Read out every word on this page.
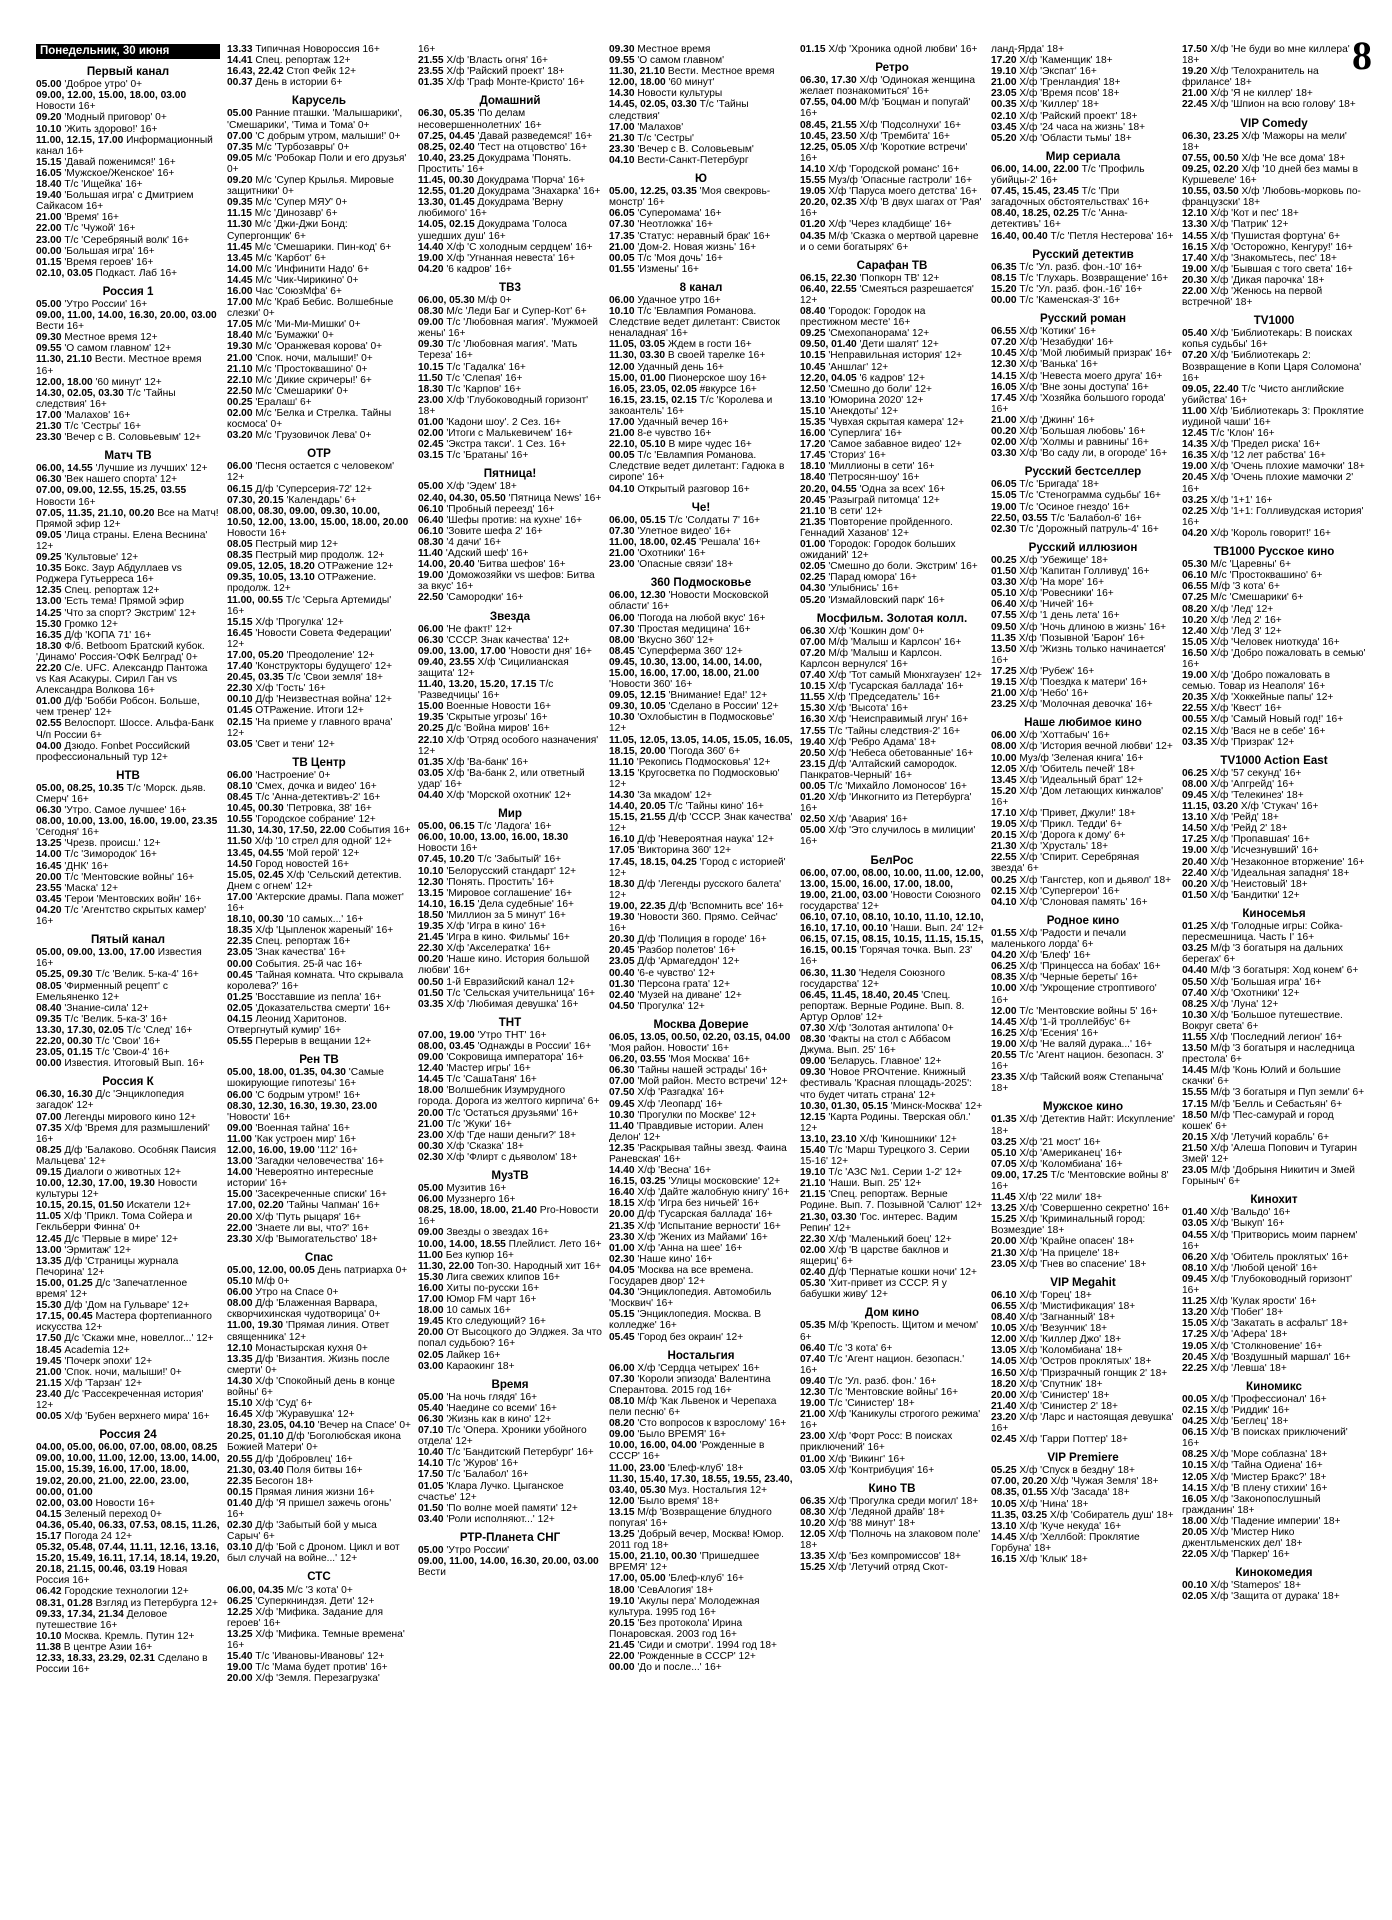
Понедельник, 30 июня
Первый канал
05.00 'Доброе утро' 0+
09.00, 12.00, 15.00, 18.00, 03.00 Новости 16+
09.20 'Модный приговор' 0+
10.10 'Жить здорово!' 16+
11.00, 12.15, 17.00 Информационный канал 16+
15.15 'Давай поженимся!' 16+
16.05 'Мужское/Женское' 16+
18.40 Т/с 'Ищейка' 16+
19.40 'Большая игра' с Дмитрием Сайкасом 16+
21.00 'Время' 16+
22.00 Т/с 'Чужой' 16+
23.00 Т/с 'Серебряный волк' 16+
00.00 'Большая игра' 16+
01.15 'Время героев' 16+
02.10, 03.05 Подкаст. Лаб 16+
Россия 1
05.00 'Утро России' 16+
09.00, 11.00, 14.00, 16.30, 20.00, 03.00 Вести 16+
09.30 Местное время 12+
09.55 'О самом главном' 12+
11.30, 21.10 Вести. Местное время 16+
12.00, 18.00 '60 минут' 12+
14.30, 02.05, 03.30 Т/с 'Тайны следствия' 16+
17.00 'Малахов' 16+
21.30 Т/с 'Сестры' 16+
23.30 'Вечер с В. Соловьевым' 12+
Матч ТВ
06.00, 14.55 'Лучшие из лучших' 12+
06.30 'Век нашего спорта' 12+
07.00, 09.00, 12.55, 15.25, 03.55 Новости 16+
07.05, 11.35, 21.10, 00.20 Все на Матч! Прямой эфир 12+
09.05 'Лица страны. Елена Веснина' 12+
09.25 'Культовые' 12+
10.35 Бокс. Заур Абдуллаев vs Роджера Гутьерреса 16+
12.35 Спец. репортаж 12+
13.00 'Есть тема! Прямой эфир
14.25 'Что за спорт? Экстрим' 12+
15.30 Громко 12+
16.35 Д/ф 'КОПА 71' 16+
18.30 Ф/б. Betboom Братский кубок. 'Динамо' Россия-'ОФК Белград' 0+
22.20 С/е. UFC. Александр Пантожа vs Кая Асакуры. Сирил Ган vs Александра Волкова 16+
01.00 Д/ф 'Бобби Робсон. Больше, чем тренер' 12+
02.55 Велоспорт. Шоссе. Альфа-Банк Ч/п России 6+
04.00 Дзюдо. Fonbet Российский профессиональный тур 12+
НТВ
05.00, 08.25, 10.35 Т/с 'Морск. дьяв. Смерч' 16+
06.30 'Утро. Самое лучшее' 16+
08.00, 10.00, 13.00, 16.00, 19.00, 23.35 'Сегодня' 16+
13.25 'Чрезв. происш.' 12+
14.00 Т/с 'Зимородок' 16+
16.45 'ДНК' 16+
20.00 Т/с 'Ментовские войны' 16+
23.55 'Маска' 12+
03.45 'Герои 'Ментовских войн' 16+
04.20 Т/с 'Агентство скрытых камер' 16+
Пятый канал
05.00, 09.00, 13.00, 17.00 Известия 16+
05.25, 09.30 Т/с 'Велик. 5-ка-4' 16+
08.05 'Фирменный рецепт' с Емельяненко 12+
08.40 'Знание-сила' 12+
09.35 Т/с 'Велик. 5-ка-3' 16+
13.30, 17.30, 02.05 Т/с 'След' 16+
22.20, 00.30 Т/с 'Свои' 16+
23.05, 01.15 Т/с 'Свои-4' 16+
00.00 Известия. Итоговый Вып. 16+
Россия К
06.30, 16.30 Д/с 'Энциклопедия загадок' 12+
07.00 Легенды мирового кино 12+
07.35 Х/ф 'Время для размышлений' 16+
08.25 Д/ф 'Балаково. Особняк Паисия Мальцева' 12+
09.15 Диалоги о животных 12+
10.00, 12.30, 17.00, 19.30 Новости культуры 12+
10.15, 20.15, 01.50 Искатели 12+
11.05 Х/ф 'Прикл. Тома Сойера и Гекльберри Финна' 0+
12.45 Д/с 'Первые в мире' 12+
13.00 'Эрмитаж' 12+
13.35 Д/ф 'Страницы журнала Печорина' 12+
15.00, 01.25 Д/с 'Запечатленное время' 12+
15.30 Д/ф 'Дом на Гульваре' 12+
17.15, 00.45 Мастера фортепианного искусства 12+
17.50 Д/с 'Скажи мне, новеллог...' 12+
18.45 Academia 12+
19.45 'Почерк эпохи' 12+
21.00 'Спок. ночи, малыши!' 0+
21.15 Х/ф 'Тарзан' 12+
23.40 Д/с 'Рассекреченная история' 12+
00.05 Х/ф 'Бубен верхнего мира' 16+
Россия 24
04.00, 05.00, 06.00, 07.00, 08.00, 08.25
09.00, 10.00, 11.00, 12.00, 13.00, 14.00, 15.00, 15.39, 16.00, 17.00, 18.00, 19.02, 20.00, 21.00, 22.00, 23.00, 00.00, 01.00
02.00, 03.00 Новости 16+
04.15 Зеленый переход 0+
04.36, 05.40, 06.33, 07.53, 08.15, 11.26, 15.17 Погода 24 12+
05.32, 05.48, 07.44, 11.11, 12.16, 13.16, 15.20, 15.49, 16.11, 17.14, 18.14, 19.20, 20.18, 21.15, 00.46, 03.19 Новая Россия 16+
06.42 Городские технологии 12+
08.31, 01.28 Взгляд из Петербурга 12+
09.33, 17.34, 21.34 Деловое путешествие 16+
10.10 Москва. Кремль. Путин 12+
11.38 В центре Азии 16+
12.33, 18.33, 23.29, 02.31 Сделано в России 16+
13.33 Типичная Новороссия 16+
14.41 Спец. репортаж 12+
16.43, 22.42 Стоп Фейк 12+
00.37 День в истории 6+
Карусель
05.00 Ранние пташки. 'Малышарики', 'Смешарики', 'Тима и Тома' 0+
07.00 'С добрым утром, малыши!' 0+
07.35 М/с 'Турбозавры' 0+
09.05 М/с 'Робокар Поли и его друзья' 0+
09.20 М/с 'Супер Крылья. Мировые защитники' 0+
09.35 М/с 'Супер МЯУ' 0+
11.15 М/с 'Динозавр' 6+
11.30 М/с 'Джи-Джи Бонд: Супергонщик' 6+
11.45 М/с 'Смешарики. Пин-код' 6+
13.45 М/с 'Карбот' 6+
14.00 М/с 'Инфинити Надо' 6+
14.45 М/с 'Чик-Чирикино' 0+
16.00 Час 'СоюзМфа' 6+
17.00 М/с 'Краб Бебис. Волшебные слезки' 0+
17.05 М/с 'Ми-Ми-Мишки' 0+
18.40 М/с 'Бумажки' 0+
19.30 М/с 'Оранжевая корова' 0+
21.00 'Спок. ночи, малыши!' 0+
21.10 М/с 'Простоквашино' 0+
22.10 М/с 'Дикие скричеры!' 6+
22.50 М/с 'Смешарики' 0+
00.25 'Ералаш' 6+
02.00 М/с 'Белка и Стрелка. Тайны космоса' 0+
03.20 М/с 'Грузовичок Лева' 0+
ОТР
06.00 'Песня остается с человеком' 12+
06.15 Д/ф 'Суперсерия-72' 12+
07.30, 20.15 'Календарь' 6+
08.00, 08.30, 09.00, 09.30, 10.00, 10.50, 12.00, 13.00, 15.00, 18.00, 20.00 Новости 16+
08.05 Пестрый мир 12+
08.35 Пестрый мир продолж. 12+
09.05, 12.05, 18.20 ОТРажение 12+
09.35, 10.05, 13.10 ОТРажение. продолж. 12+
11.00, 00.55 Т/с 'Серьга Артемиды' 16+
15.15 Х/ф 'Прогулка' 12+
16.45 'Новости Совета Федерации' 12+
17.00, 05.20 'Преодоление' 12+
17.40 'Конструкторы будущего' 12+
20.45, 03.35 Т/с 'Свои земля' 18+
22.30 Х/ф 'Гость' 16+
00.10 Д/ф 'Неизвестная война' 12+
01.45 ОТРажение. Итоги 12+
02.15 'На приеме у главного врача' 12+
03.05 'Свет и тени' 12+
ТВ Центр
06.00 'Настроение' 0+
08.10 'Смех, дочка и видео' 16+
08.45 Т/с 'Анна-детективъ-2' 16+
10.45, 00.30 'Петровка, 38' 16+
10.55 'Городское собрание' 12+
11.30, 14.30, 17.50, 22.00 События 16+
11.50 Х/ф '10 стрел для одной' 12+
13.45, 04.55 'Мой герой' 12+
14.50 Город новостей 16+
15.05, 02.45 Х/ф 'Сельский детектив. Днем с огнем' 12+
17.00 'Актерские драмы. Папа может' 16+
18.10, 00.30 '10 самых...' 16+
18.35 Х/ф 'Цыпленок жареный' 16+
22.35 Спец. репортаж 16+
23.05 'Знак качества' 16+
00.00 События. 25-й час 16+
00.45 'Тайная комната. Что скрывала королева?' 16+
01.25 'Восставшие из пепла' 16+
02.05 'Доказательства смерти' 16+
04.15 Леонид Харитонов. Отвергнутый кумир' 16+
05.55 Перерыв в вещании 12+
Рен ТВ
05.00, 18.00, 01.35, 04.30 'Самые шокирующие гипотезы' 16+
06.00 'С бодрым утром!' 16+
08.30, 12.30, 16.30, 19.30, 23.00 'Новости' 16+
09.00 'Военная тайна' 16+
11.00 'Как устроен мир' 16+
12.00, 16.00, 19.00 '112' 16+
13.00 'Загадки человечества' 16+
14.00 'Невероятно интересные истории' 16+
15.00 'Засекреченные списки' 16+
17.00, 02.20 'Тайны Чапман' 16+
20.00 Х/ф 'Путь рыцаря' 16+
22.00 'Знаете ли вы, что?' 16+
23.30 Х/ф 'Вымогательство' 18+
Спас
05.00, 12.00, 00.05 День патриарха 0+
05.10 М/ф 0+
06.00 Утро на Спасе 0+
08.00 Д/ф 'Блаженная Варвара, скворчихинская чудотворица' 0+
11.00, 19.30 'Прямая линия. Ответ священника' 12+
12.10 Монастырская кухня 0+
13.35 Д/ф 'Византия. Жизнь после смерти' 0+
14.30 Х/ф 'Спокойный день в конце войны' 6+
15.10 Х/ф 'Суд' 6+
16.45 Х/ф 'Журавушка' 12+
18.30, 23.05, 04.10 'Вечер на Спасе' 0+
20.25, 01.10 Д/ф 'Боголюбская икона Божией Матери' 0+
20.55 Д/ф 'Добровлец' 16+
21.30, 03.40 Поля битвы 16+
22.35 Бесогон 18+
00.15 Прямая линия жизни 16+
01.40 Д/ф 'Я пришел зажечь огонь' 16+
02.30 Д/ф 'Забытый бой у мыса Сарыч' 6+
03.10 Д/ф 'Бой с Дроном. Цикл и вот был случай на войне...' 12+
СТС
06.00, 04.35 М/с '3 кота' 0+
06.25 'Суперкниндзя. Дети' 12+
12.25 Х/ф 'Мифика. Задание для героев' 16+
13.25 Х/ф 'Мифика. Темные времена' 16+
15.40 Т/с 'Ивановы-Ивановы' 12+
19.00 Т/с 'Мама будет против' 16+
20.00 Х/ф 'Земля. Перезагрузка'
16+
21.55 Х/ф 'Власть огня' 16+
23.55 Х/ф 'Райский проект' 18+
01.35 Х/ф 'Граф Монте-Кристо' 16+
Домашний
06.30, 05.35 'По делам несовершеннолетних' 16+
07.25, 04.45 'Давай разведемся!' 16+
08.25, 02.40 'Тест на отцовство' 16+
10.40, 23.25 Докудрама 'Понять. Простить' 16+
11.45, 00.30 Докудрама 'Порча' 16+
12.55, 01.20 Докудрама 'Знахарка' 16+
13.30, 01.45 Докудрама 'Верну любимого' 16+
14.05, 02.15 Докудрама 'Голоса ушедших душ' 16+
14.40 Х/ф 'С холодным сердцем' 16+
19.00 Х/ф 'Угнанная невеста' 16+
04.20 '6 кадров' 16+
ТВ3
06.00, 05.30 М/ф 0+
08.30 М/с 'Леди Баг и Супер-Кот' 6+
09.00 Т/с 'Любовная магия'. 'Мужмоей жены' 16+
09.30 Т/с 'Любовная магия'. 'Мать Тереза' 16+
10.15 Т/с 'Гадалка' 16+
11.50 Т/с 'Слепая' 16+
18.30 Т/с 'Карпов' 16+
23.00 Х/ф 'Глубоководный горизонт' 18+
01.00 'Кадони шоу'. 2 Сез. 16+
02.00 'Итоги с Малькевичем' 16+
02.45 'Экстра такси'. 1 Сез. 16+
03.15 Т/с 'Братаны' 16+
Пятница!
05.00 Х/ф 'Эдем' 18+
02.40, 04.30, 05.50 'Пятница News' 16+
06.10 'Пробный переезд' 16+
06.40 'Шефы против: на кухне' 16+
06.10 'Зовите шефа 2' 16+
08.30 '4 дачи' 16+
11.40 'Адский шеф' 16+
14.00, 20.40 'Битва шефов' 16+
19.00 'Доможозяйки vs шефов: Битва за вкус' 16+
22.50 'Самородки' 16+
Звезда
06.00 'Не факт!' 12+
06.30 'СССР. Знак качества' 12+
09.00, 13.00, 17.00 'Новости дня' 16+
09.40, 23.55 Х/ф 'Сицилианская защита' 12+
11.40, 13.20, 15.20, 17.15 Т/с 'Разведчицы' 16+
15.00 Военные Новости 16+
19.35 'Скрытые угрозы' 16+
20.25 Д/с 'Война миров' 16+
22.10 Х/ф 'Отряд особого назначения' 12+
01.35 Х/ф 'Ва-банк' 16+
03.05 Х/ф 'Ва-банк 2, или ответный удар' 16+
04.40 Х/ф 'Морской охотник' 12+
Мир
05.00, 06.15 Т/с 'Ладога' 16+
06.00, 10.00, 13.00, 16.00, 18.30 Новости 16+
07.45, 10.20 Т/с 'Забытый' 16+
10.10 'Белорусский стандарт' 12+
12.30 'Понять. Простить' 16+
13.15 'Мировое соглашение' 16+
14.10, 16.15 'Дела судебные' 16+
18.50 'Миллион за 5 минут' 16+
19.35 Х/ф 'Игра в кино' 16+
21.45 'Игра в кино. Фильмы' 16+
22.30 Х/ф 'Акселератка' 16+
00.20 'Наше кино. История большой любви' 16+
00.50 1-й Евразийский канал 12+
01.50 Т/с 'Сельская учительница' 16+
03.35 Х/ф 'Любимая девушка' 16+
ТНТ
07.00, 19.00 'Утро ТНТ' 16+
08.00, 03.45 'Однажды в России' 16+
09.00 'Сокровища императора' 16+
12.40 'Мастер игры' 16+
14.45 Т/с 'СашаТаня' 16+
18.00 'Волшебник Изумрудного города. Дорога из желтого кирпича' 6+
20.00 Т/с 'Остаться друзьями' 16+
21.00 Т/с 'Жуки' 16+
23.00 Х/ф 'Где наши деньги?' 18+
00.30 Х/ф 'Сказка' 18+
02.30 Х/ф 'Флирт с дьяволом' 18+
МузТВ
05.00 Музитив 16+
06.00 Муззнерго 16+
08.25, 18.00, 18.00, 21.40 Pro-Новости 16+
09.00 Звезды о звездах 16+
10.00, 14.00, 18.55 Плейлист. Лето 16+
11.00 Без купюр 16+
11.30, 22.00 Топ-30. Народный хит 16+
15.30 Лига свежих клипов 16+
16.00 Хиты по-русски 16+
17.00 Юмор FM чарт 16+
18.00 10 самых 16+
19.45 Кто следующий? 16+
20.00 От Высоцкого до Элджея. За что попал судьбою? 16+
02.05 Лайкер 16+
03.00 Караокинг 18+
Время
05.00 'На ночь глядя' 16+
05.40 'Наедине со всеми' 16+
06.30 'Жизнь как в кино' 12+
07.10 Т/с 'Опера. Хроники убойного отдела' 12+
10.40 Т/с 'Бандитский Петербург' 16+
14.10 Т/с 'Журов' 16+
17.50 Т/с 'Балабол' 16+
01.05 'Клара Лучко. Цыганское счастье' 12+
01.50 'По волне моей памяти' 12+
03.40 'Роли исполняют...' 12+
РТР-Планета СНГ
05.00 'Утро России'
09.00, 11.00, 14.00, 16.30, 20.00, 03.00 Вести
09.30 Местное время
09.55 'О самом главном'
11.30, 21.10 Вести. Местное время
12.00, 18.00 '60 минут'
14.30 Новости культуры
14.45, 02.05, 03.30 Т/с 'Тайны следствия'
17.00 'Малахов'
21.30 Т/с 'Сестры'
23.30 'Вечер с В. Соловьевым'
04.10 Вести-Санкт-Петербург
Ю
05.00, 12.25, 03.35 'Моя свекровь-монстр' 16+
06.05 'Суперомама' 16+
07.30 'Неотложка' 16+
17.35 'Статус: неравный брак' 16+
21.00 'Дом-2. Новая жизнь' 16+
00.05 Т/с 'Моя дочь' 16+
01.55 'Измены' 16+
8 канал
06.00 Удачное утро 16+
10.10 Т/с 'Евлампия Романова. Следствие ведет дилетант: Свисток неналадная' 16+
11.05, 03.05 Ждем в гости 16+
11.30, 03.30 В своей тарелке 16+
12.00 Удачный день 16+
15.00, 01.00 Пионерское шоу 16+
16.05, 23.05, 02.05 #вкурсе 16+
16.15, 23.15, 02.15 Т/с 'Королева и закоантель' 16+
17.00 Удачный вечер 16+
21.00 8-е чувство 16+
22.10, 05.10 В мире чудес 16+
00.05 Т/с 'Евлампия Романова. Следствие ведет дилетант: Гадюка в сиропе' 16+
04.10 Открытый разговор 16+
Че!
06.00, 05.15 Т/с 'Солдаты 7' 16+
07.30 'Улетное видео' 16+
11.00, 18.00, 02.45 'Решала' 16+
21.00 'Охотники' 16+
23.00 'Опасные связи' 18+
360 Подмосковье
06.00, 12.30 'Новости Московской области' 16+
06.00 'Погода на любой вкус' 16+
07.30 'Простая медицина' 16+
08.00 'Вкусно 360' 12+
08.45 'Суперферма 360' 12+
09.45, 10.30, 13.00, 14.00, 14.00, 15.00, 16.00, 17.00, 18.00, 21.00 'Новости 360' 16+
09.05, 12.15 'Внимание! Еда!' 12+
09.30, 10.05 'Сделано в России' 12+
10.30 'Охлобыстин в Подмосковье' 12+
11.05, 12.05, 13.05, 14.05, 15.05, 16.05, 18.15, 20.00 'Погода 360' 6+
11.10 'Рекопись Подмосковья' 12+
13.15 'Кругосветка по Подмосковью' 12+
14.30 'За мкадом' 12+
14.40, 20.05 Т/с 'Тайны кино' 16+
15.15, 21.55 Д/ф 'СССР. Знак качества' 12+
16.10 Д/ф 'Невероятная наука' 12+
17.05 'Викторина 360' 12+
17.45, 18.15, 04.25 'Город с историей' 12+
18.30 Д/ф 'Легенды русского балета' 12+
19.00, 22.35 Д/ф 'Вспомнить все' 16+
19.30 'Новости 360. Прямо. Сейчас' 16+
20.30 Д/ф 'Полиция в городе' 16+
20.45 'Разбор полетов' 16+
23.05 Д/ф 'Армагеддон' 12+
00.40 '6-е чувство' 12+
01.30 'Персона грата' 12+
02.40 'Музей на диване' 12+
04.50 'Прогулка' 12+
Москва Доверие
06.05, 13.05, 00.50, 02.20, 03.15, 04.00 'Моя район. Новости' 16+
06.20, 03.55 'Моя Москва' 16+
06.30 'Тайны нашей эстрады' 16+
07.00 'Мой район. Место встречи' 12+
07.50 Х/ф 'Разгадка' 16+
09.45 Х/ф 'Леопард' 16+
10.30 'Прогулки по Москве' 12+
11.40 'Правдивые истории. Ален Делон' 12+
12.35 'Раскрывая тайны звезд. Фаина Раневская' 16+
14.40 Х/ф 'Весна' 16+
16.15, 03.25 'Улицы московские' 12+
16.40 Х/ф 'Дайте жалобную книгу' 16+
18.15 Х/ф 'Игра без ничьей' 16+
20.00 Д/ф 'Гусарская баллада' 16+
21.35 Х/ф 'Испытание верности' 16+
23.30 Х/ф 'Жених из Майами' 16+
01.00 Х/ф 'Анна на шее' 16+
02.30 'Наше кино' 16+
04.05 'Москва на все времена. Государев двор' 12+
04.30 'Энциклопедия. Автомобиль 'Москвич' 16+
05.15 'Энциклопедия. Москва. В колледже' 16+
05.45 'Город без окраин' 12+
Ностальгия
06.00 Х/ф 'Сердца четырех' 16+
07.30 'Короли эпизода' Валентина Сперантова. 2015 год 16+
08.10 М/ф 'Как Львенок и Черепаха пели песню' 6+
08.20 'Сто вопросов к взрослому' 16+
09.00 'Было ВРЕМЯ' 16+
10.00, 16.00, 04.00 'Рожденные в СССР' 16+
11.00, 23.00 'Блеф-клуб' 18+
11.30, 15.40, 17.30, 18.55, 19.55, 23.40, 03.40, 05.30 Муз. Ностальгия 12+
12.00 'Было время' 18+
13.15 М/ф 'Возвращение блудного попугая' 16+
13.25 'Добрый вечер, Москва! Юмор. 2011 год 18+
15.00, 21.10, 00.30 'Пришедшее ВРЕМЯ' 12+
17.00, 05.00 'Блеф-клуб' 16+
18.00 'СевАлогия' 18+
19.10 'Акулы пера' Молодежная культура. 1995 год 16+
20.15 'Без протокола' Ирина Понаровская. 2003 год 16+
21.45 'Сиди и смотри'. 1994 год 18+
22.00 'Рожденные в СССР' 12+
00.00 'До и после...' 16+
01.15 Х/ф 'Хроника одной любви' 16+
Ретро
06.30, 17.30 Х/ф 'Одинокая женщина желает познакомиться' 16+
07.55, 04.00 М/ф 'Боцман и попугай' 16+
08.45, 21.55 Х/ф 'Подсолнухи' 16+
10.45, 23.50 Х/ф 'Трембита' 16+
12.25, 05.05 Х/ф 'Короткие встречи' 16+
14.10 Х/ф 'Городской романс' 16+
15.55 Муз/ф 'Опасные гастроли' 16+
19.05 Х/ф 'Паруса моего детства' 16+
20.20, 02.35 Х/ф 'В двух шагах от 'Рая' 16+
01.20 Х/ф 'Через кладбище' 16+
04.35 М/ф 'Сказка о мертвой царевне и о семи богатырях' 6+
Сарафан ТВ
06.15, 22.30 'Попкорн ТВ' 12+
06.40, 22.55 'Смеяться разрешается' 12+
08.40 'Городок: Городок на престижном месте' 16+
09.25 'Смехопанорама' 12+
09.50, 01.40 'Дети шалят' 12+
10.15 'Неправильная история' 12+
10.45 'Аншлаг' 12+
12.20, 04.05 '6 кадров' 12+
12.50 'Смешно до боли' 12+
13.10 'Юморина 2020' 12+
15.10 'Анекдоты' 12+
15.35 'Чувхая скрытая камера' 12+
16.00 'Суперлига' 16+
17.20 'Самое забавное видео' 12+
17.45 'Сториз' 16+
18.10 'Миллионы в сети' 16+
18.40 'Петросян-шоу' 16+
20.20, 04.55 'Одна за всех' 16+
20.45 'Разыграй питомца' 12+
21.10 'В сети' 12+
21.35 'Повторение пройденного. Геннадий Хазанов' 12+
01.00 'Городок: Городок больших ожиданий' 12+
02.05 'Смешно до боли. Экстрим' 16+
02.25 'Парад юмора' 16+
04.30 'Улыбнись' 16+
05.20 'Измайловский парк' 16+
Мосфильм. Золотая колл.
06.30 Х/ф 'Кошкин дом' 0+
07.00 М/ф 'Малыш и Карлсон' 16+
07.20 М/ф 'Малыш и Карлсон. Карлсон вернулся' 16+
07.40 Х/ф 'Тот самый Мюнхгаузен' 12+
10.15 Х/ф 'Гусарская баллада' 16+
11.55 Х/ф 'Председатель' 16+
15.30 Х/ф 'Высота' 16+
16.30 Х/ф 'Неисправимый лгун' 16+
17.55 Т/с 'Тайны следствия-2' 16+
19.40 Х/ф 'Ребро Адама' 18+
20.50 Х/ф 'Небеса обетованные' 16+
23.15 Д/ф 'Алтайский самородок. Панкратов-Черный' 16+
00.05 Т/с 'Михайло Ломоносов' 16+
01.20 Х/ф 'Инкогнито из Петербурга' 16+
02.50 Х/ф 'Авария' 16+
05.00 Х/ф 'Это случилось в милиции' 16+
БелРос
06.00, 07.00, 08.00, 10.00, 11.00, 12.00, 13.00, 15.00, 16.00, 17.00, 18.00, 19.00, 21.00, 03.00 'Новости Союзного государства' 12+
06.10, 07.10, 08.10, 10.10, 11.10, 12.10, 16.10, 17.10, 00.10 'Наши. Вып. 24' 12+
06.15, 07.15, 08.15, 10.15, 11.15, 15.15, 16.15, 00.15 'Горячая точка. Вып. 23' 16+
06.30, 11.30 'Неделя Союзного государства' 12+
06.45, 11.45, 18.40, 20.45 'Спец. репортаж. Верные Родине. Вып. 8. Артур Орлов' 12+
07.30 Х/ф 'Золотая антилопа' 0+
08.30 'Факты на стол с Аббасом Джума. Вып. 25' 16+
09.00 'Беларусь. Главное' 12+
09.30 'Новое PRОчтение. Книжный фестиваль 'Красная площадь-2025': что будет читать страна' 12+
10.30, 01.30, 05.15 'Минск-Москва' 12+
12.15 'Карта Родины. Тверская обл.' 12+
13.10, 23.10 Х/ф 'Киношники' 12+
15.40 Т/с 'Марш Турецкого 3. Серии 15-16' 12+
19.10 Т/с 'АЗС №1. Серии 1-2' 12+
21.10 'Наши. Вып. 25' 12+
21.15 'Спец. репортаж. Верные Родине. Вып. 7. Позывной 'Салют' 12+
21.30, 03.30 'Гос. интерес. Вадим Репин' 12+
22.30 Х/ф 'Маленький боец' 12+
02.00 Х/ф 'В царстве баклнов и ящериц' 6+
02.40 Д/ф 'Пернатые кошки ночи' 12+
05.30 'Хит-привет из СССР. Я у бабушки живу' 12+
Дом кино
05.35 М/ф 'Крепость. Щитом и мечом' 6+
06.40 Т/с '3 кота' 6+
07.40 Т/с 'Агент национ. безопасн.' 16+
09.40 Т/с 'Ул. разб. фон.' 16+
12.30 Т/с 'Ментовские войны' 16+
19.00 Т/с 'Синистер' 18+
21.00 Х/ф 'Каникулы строгого режима' 16+
23.00 Х/ф 'Форт Росс: В поисках приключений' 16+
01.00 Х/ф 'Викинг' 16+
03.05 Х/ф 'Контрибуция' 16+
Кино ТВ
06.35 Х/ф 'Прогулка среди могил' 18+
08.30 Х/ф 'Ледяной драйв' 18+
10.20 Х/ф '88 минут' 18+
12.05 Х/ф 'Полночь на злаковом поле' 18+
13.35 Х/ф 'Без компромиссов' 18+
15.25 Х/ф 'Летучий отряд Скот-
ланд-Ярда' 18+
17.20 Х/ф 'Каменщик' 18+
19.10 Х/ф 'Экспат' 16+
21.00 Х/ф 'Гренландия' 18+
23.05 Х/ф 'Время псов' 18+
00.35 Х/ф 'Киллер' 18+
02.10 Х/ф 'Райский проект' 18+
03.45 Х/ф '24 часа на жизнь' 18+
05.20 Х/ф 'Области тьмы' 18+
Мир сериала
06.00, 14.00, 22.00 Т/с 'Профиль убийцы-2' 16+
07.45, 15.45, 23.45 Т/с 'При загадочных обстоятельствах' 16+
08.40, 18.25, 02.25 Т/с 'Анна-детективъ' 16+
16.40, 00.40 Т/с 'Петля Нестерова' 16+
Русский детектив
06.35 Т/с 'Ул. разб. фон.-10' 16+
08.15 Т/с 'Глухарь. Возвращение' 16+
15.20 Т/с 'Ул. разб. фон.-16' 16+
00.00 Т/с 'Каменская-3' 16+
Русский роман
06.55 Х/ф 'Котики' 16+
07.20 Х/ф 'Незабудки' 16+
10.45 Х/ф 'Мой любимый призрак' 16+
12.30 Х/ф 'Ванька' 16+
14.15 Х/ф 'Невеста моего друга' 16+
16.05 Х/ф 'Вне зоны доступа' 16+
17.45 Х/ф 'Хозяйка большого города' 16+
21.00 Х/ф 'Джинн' 16+
00.20 Х/ф 'Большая любовь' 16+
02.00 Х/ф 'Холмы и равнины' 16+
03.30 Х/ф 'Во саду ли, в огороде' 16+
Русский бестселлер
06.05 Т/с 'Бригада' 18+
15.05 Т/с 'Стенограмма судьбы' 16+
19.00 Т/с 'Осиное гнездо' 16+
22.50, 03.55 Т/с 'Балабол-6' 16+
02.30 Т/с 'Дорожный патруль-4' 16+
Русский иллюзион
00.25 Х/ф 'Убежище' 18+
01.50 Х/ф 'Капитан Голливуд' 16+
03.30 Х/ф 'На море' 16+
05.10 Х/ф 'Ровесники' 16+
06.40 Х/ф 'Ничей' 16+
07.55 Х/ф '1 день лета' 16+
09.50 Х/ф 'Ночь длиною в жизнь' 16+
11.35 Х/ф 'Позывной 'Барон' 16+
13.50 Х/ф 'Жизнь только начинается' 16+
17.25 Х/ф 'Рубеж' 16+
19.15 Х/ф 'Поездка к матери' 16+
21.00 Х/ф 'Небо' 16+
23.25 Х/ф 'Молочная девочка' 16+
Наше любимое кино
06.00 Х/ф 'Хоттабыч' 16+
08.00 Х/ф 'История вечной любви' 12+
10.00 Муз/ф 'Зеленая книга' 16+
12.05 Х/ф 'Обитель печей' 18+
13.45 Х/ф 'Идеальный брат' 12+
15.20 Х/ф 'Дом летающих кинжалов' 16+
17.10 Х/ф 'Привет, Джули!' 18+
19.05 Х/ф 'Прикл. Тедди' 6+
20.15 Х/ф 'Дорога к дому' 6+
21.30 Х/ф 'Хрусталь' 18+
22.55 Х/ф 'Спирит. Серебряная звезда' 6+
00.25 Х/ф 'Гангстер, коп и дьявол' 18+
02.15 Х/ф 'Супергерои' 16+
04.10 Х/ф 'Слоновая память' 16+
Родное кино
01.55 Х/ф 'Радости и печали маленького лорда' 6+
04.20 Х/ф 'Блеф' 16+
06.25 Х/ф 'Принцесса на бобах' 16+
08.35 Х/ф 'Черные береты' 16+
10.00 Х/ф 'Укрощение строптивого' 16+
12.00 Т/с 'Ментовские войны 5' 16+
14.45 Х/ф '1-й троллейбус' 6+
16.25 Х/ф 'Есения' 16+
19.00 Х/ф 'Не валяй дурака...' 16+
20.55 Т/с 'Агент национ. безопасн. 3' 16+
23.35 Х/ф 'Тайский вояж Степаныча' 18+
Мужское кино
01.35 Х/ф 'Детектив Найт: Искупление' 18+
03.25 Х/ф '21 мост' 16+
05.10 Х/ф 'Американец' 16+
07.05 Х/ф 'Коломбиана' 16+
09.00, 17.25 Т/с 'Ментовские войны 8' 16+
11.45 Х/ф '22 мили' 18+
13.25 Х/ф 'Совершенно секретно' 16+
15.25 Х/ф 'Криминальный город: Возмездие' 18+
20.00 Х/ф 'Крайне опасен' 18+
21.30 Х/ф 'На прицеле' 18+
23.05 Х/ф 'Гнев во спасение' 18+
VIP Megahit
06.10 Х/ф 'Горец' 18+
06.55 Х/ф 'Мистификация' 18+
08.40 Х/ф 'Загнанный' 18+
10.05 Х/ф 'Везунчик' 18+
12.00 Х/ф 'Киллер Джо' 18+
13.05 Х/ф 'Коломбиана' 18+
14.05 Х/ф 'Остров проклятых' 18+
16.50 Х/ф 'Призрачный гонщик 2' 18+
18.20 Х/ф 'Спутник' 18+
20.00 Х/ф 'Синистер' 18+
21.40 Х/ф 'Синистер 2' 18+
23.20 Х/ф 'Ларс и настоящая девушка' 16+
02.45 Х/ф 'Гарри Поттер' 18+
VIP Premiere
05.25 Х/ф 'Спуск в бездну' 18+
07.00, 20.20 Х/ф 'Чужая Земля' 18+
08.35, 01.55 Х/ф 'Засада' 18+
10.05 Х/ф 'Нина' 18+
11.35, 03.25 Х/ф 'Собиратель душ' 18+
13.10 Х/ф 'Куче некуда' 16+
14.45 Х/ф 'Хеллбой: Проклятие Горбуна' 18+
16.15 Х/ф 'Клык' 18+
17.50 Х/ф 'Не буди во мне киллера' 18+
19.20 Х/ф 'Телохранитель на фрилансе' 18+
21.00 Х/ф 'Я не киллер' 18+
22.45 Х/ф 'Шпион на всю голову' 18+
VIP Comedy
06.30, 23.25 Х/ф 'Мажоры на мели' 18+
07.55, 00.50 Х/ф 'Не все дома' 18+
09.25, 02.20 Х/ф '10 дней без мамы в Куршевеле' 16+
10.55, 03.50 Х/ф 'Любовь-морковь по-французски' 18+
12.10 Х/ф 'Кот и пес' 18+
13.30 Х/ф 'Патрик' 12+
14.55 Х/ф 'Пушистая фортуна' 6+
16.15 Х/ф 'Осторожно, Кенгуру!' 16+
17.40 Х/ф 'Знакомьтесь, пес' 18+
19.00 Х/ф 'Бывшая с того света' 16+
20.30 Х/ф 'Дикая парочка' 18+
22.00 Х/ф 'Женюсь на первой встречной' 18+
TV1000
05.40 Х/ф 'Библиотекарь: В поисках копья судьбы' 16+
07.20 Х/ф 'Библиотекарь 2: Возвращение в Копи Царя Соломона' 16+
09.05, 22.40 Т/с 'Чисто английские убийства' 16+
11.00 Х/ф 'Библиотекарь 3: Проклятие иудиной чаши' 16+
12.45 Т/с 'Клон' 16+
14.35 Х/ф 'Предел риска' 16+
16.35 Х/ф '12 лет рабства' 16+
19.00 Х/ф 'Очень плохие мамочки' 18+
20.45 Х/ф 'Очень плохие мамочки 2' 16+
03.25 Х/ф '1+1' 16+
02.25 Х/ф '1+1: Голливудская история' 16+
04.20 Х/ф 'Король говорит!' 16+
TB1000 Русское кино
05.30 М/с 'Царевны' 6+
06.10 М/с 'Простоквашино' 6+
06.55 М/ф '3 кота' 6+
07.25 М/с 'Смешарики' 6+
08.20 Х/ф 'Лед' 12+
10.20 Х/ф 'Лед 2' 16+
12.40 Х/ф 'Лед 3' 12+
15.05 Х/ф 'Человек ниоткуда' 16+
16.50 Х/ф 'Добро пожаловать в семью' 16+
19.00 Х/ф 'Добро пожаловать в семью. Товар из Неаполя' 16+
20.35 Х/ф 'Хоккейные папы' 12+
22.55 Х/ф 'Квест' 16+
00.55 Х/ф 'Самый Новый год!' 16+
02.15 Х/ф 'Вася не в себе' 16+
03.35 Х/ф 'Призрак' 12+
TV1000 Action East
06.25 Х/ф '57 секунд' 16+
08.00 Х/ф 'Апгрейд' 16+
09.45 Х/ф 'Телекинез' 18+
11.15, 03.20 Х/ф 'Стукач' 16+
13.10 Х/ф 'Рейд' 18+
14.50 Х/ф 'Рейд 2' 18+
17.25 Х/ф 'Пропавшая' 16+
19.00 Х/ф 'Исчезнувший' 16+
20.40 Х/ф 'Незаконное вторжение' 16+
22.40 Х/ф 'Идеальная западня' 18+
00.20 Х/ф 'Неистовый' 18+
01.50 Х/ф 'Бандитки' 12+
Киносемья
01.25 Х/ф 'Голодные игры: Сойка-пересмешница. Часть I' 16+
03.25 М/ф '3 богатыря на дальних берегах' 6+
04.40 М/ф '3 богатыря: Ход конем' 6+
05.50 Х/ф 'Большая игра' 16+
07.40 Х/ф 'Охотники' 12+
08.25 Х/ф 'Луна' 12+
10.30 Х/ф 'Большое путешествие. Вокруг света' 6+
11.55 Х/ф 'Последний легион' 16+
13.50 М/ф '3 богатыря и наследница престола' 6+
14.45 М/ф 'Конь Юлий и большие скачки' 6+
15.55 М/ф '3 богатыря и Пуп земли' 6+
17.15 М/ф 'Белль и Себастьян' 6+
18.50 М/ф 'Пес-самурай и город кошек' 6+
20.15 Х/ф 'Летучий корабль' 6+
21.50 Х/ф 'Алеша Попович и Тугарин Змей' 12+
23.05 М/ф 'Добрыня Никитич и Змей Горыныч' 6+
Кинохит
01.40 Х/ф 'Вальдо' 16+
03.05 Х/ф 'Выкуп' 16+
04.55 Х/ф 'Притворись моим парнем' 16+
06.20 Х/ф 'Обитель проклятых' 16+
08.10 Х/ф 'Любой ценой' 16+
09.45 Х/ф 'Глубоководный горизонт' 16+
11.25 Х/ф 'Кулак ярости' 16+
13.20 Х/ф 'Побег' 18+
15.05 Х/ф 'Закатать в асфальт' 18+
17.25 Х/ф 'Афера' 18+
19.05 Х/ф 'Столкновение' 16+
20.45 Х/ф 'Воздушный маршал' 16+
22.25 Х/ф 'Левша' 18+
Киномикс
00.05 Х/ф 'Профессионал' 16+
02.15 Х/ф 'Риддик' 16+
04.25 Х/ф 'Беглец' 18+
06.15 Х/ф 'В поисках приключений' 16+
08.25 Х/ф 'Море соблазна' 18+
10.15 Х/ф 'Тайна Одиена' 16+
12.05 Х/ф 'Мистер Бракс?' 18+
14.15 Х/ф 'В плену стихии' 16+
16.05 Х/ф 'Законопослушный гражданин' 18+
18.00 Х/ф 'Падение империи' 18+
20.05 Х/ф 'Мистер Нико джентльменских дел' 18+
22.05 Х/ф 'Паркер' 16+
Кинокомедия
00.10 Х/ф 'Stamepos' 18+
02.05 Х/ф 'Защита от дурака' 18+
8
